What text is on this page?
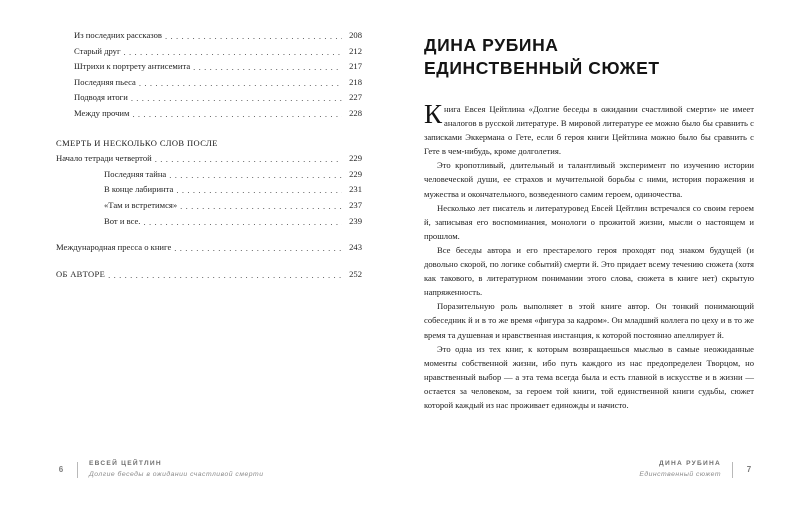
Из последних рассказов . . .	208
Старый друг . . .	212
Штрихи к портрету антисемита . . .	217
Последняя пьеса . . .	218
Подводя итоги . . .	227
Между прочим . . .	228
СМЕРТЬ И НЕСКОЛЬКО СЛОВ ПОСЛЕ
Начало тетради четвертой . . .	229
Последняя тайна . . .	229
В конце лабиринта . . .	231
«Там и встретимся» . . .	237
Вот и все. . . .	239
Международная пресса о книге . . .	243
ОБ АВТОРЕ . . .	252
6
ЕВСЕЙ ЦЕЙТЛИН
Долгие беседы в ожидании счастливой смерти
ДИНА РУБИНА
ЕДИНСТВЕННЫЙ СЮЖЕТ

Книга Евсея Цейтлина «Долгие беседы в ожидании счастливой смерти» не имеет аналогов в русской литературе. В мировой литературе ее можно было бы сравнить с записками Эккермана о Гете, если б героя книги Цейтлина можно было бы сравнить с Гете в чем-нибудь, кроме долголетия.

Это кропотливый, длительный и талантливый эксперимент по изучению истории человеческой души, ее страхов и мучительной борьбы с ними, история поражения и мужества и окончательного, возведенного самим героем, одиночества.

Несколько лет писатель и литературовед Евсей Цейтлин встречался со своим героем й, записывая его воспоминания, монологи о прожитой жизни, мысли о настоящем и прошлом.

Все беседы автора и его престарелого героя проходят под знаком будущей (и довольно скорой, по логике событий) смерти й. Это придает всему течению сюжета (хотя как такового, в литературном понимании этого слова, сюжета в книге нет) скрытую напряженность.

Поразительную роль выполняет в этой книге автор. Он тонкий понимающий собеседник й и в то же время «фигура за кадром». Он младший коллега по цеху и в то же время та душевная и нравственная инстанция, к которой постоянно апеллирует й.

Это одна из тех книг, к которым возвращаешься мыслью в самые неожиданные моменты собственной жизни, ибо путь каждого из нас предопределен Творцом, но нравственный выбор — а эта тема всегда была и есть главной в искусстве и в жизни — остается за человеком, за героем той книги, той единственной книги судьбы, сюжет которой каждый из нас проживает единожды и начисто.

ДИНА РУБИНА
Единственный сюжет	7
